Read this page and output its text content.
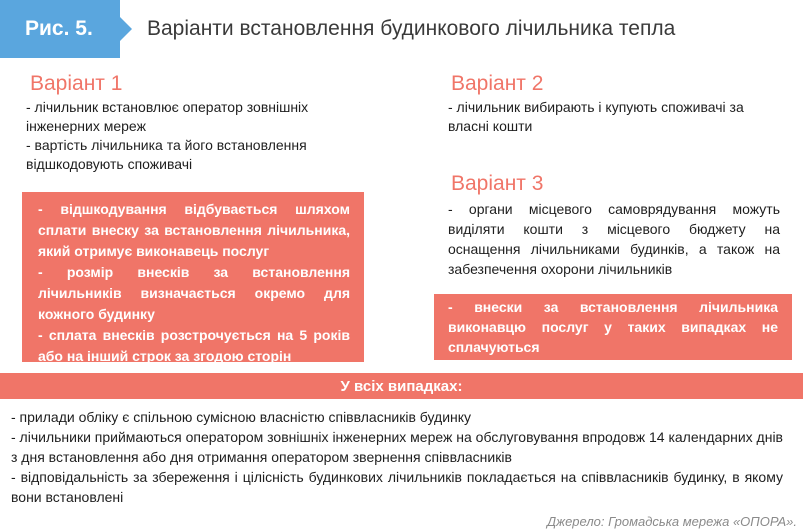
Рис. 5.	Варіанти встановлення будинкового лічильника тепла
Варіант 1

- лічильник встановлює оператор зовнішніх інженерних мереж

- вартість лічильника та його встановлення відшкодовують споживачі

- відшкодування відбувається шляхом сплати внеску за встановлення лічильника, який отримує виконавець послуг

- розмір внесків за встановлення лічильників визначається окремо для кожного будинку

- сплата внесків розстрочується на 5 років або на інший строк за згодою сторін

Варіант 2

- лічильник вибирають і купують споживачі за власні кошти

Варіант 3

- органи місцевого самоврядування можуть виділяти кошти з місцевого бюджету на оснащення лічильниками будинків, а також на забезпечення охорони лічильників

- внески за встановлення лічильника виконавцю послуг у таких випадках не сплачуються

У всіх випадках:

- прилади обліку є спільною сумісною власністю співвласників будинку

- лічильники приймаються оператором зовнішніх інженерних мереж на обслуговування впродовж 14 календарних днів з дня встановлення або дня отримання оператором звернення співвласників

- відповідальність за збереження і цілісність будинкових лічильників покладається на співвласників будинку, в якому вони встановлені

Джерело: Громадська мережа «ОПОРА».
